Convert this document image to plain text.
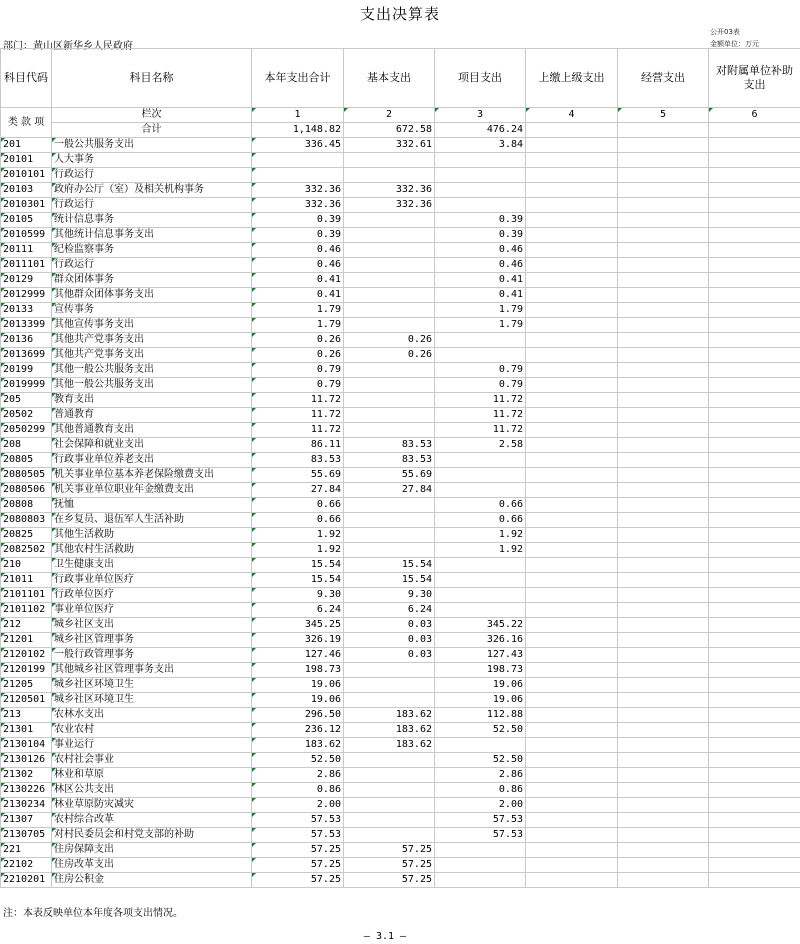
支出决算表
公开03表
金额单位：万元
部门：黄山区新华乡人民政府
科目代码	科目名称	本年支出合计	基本支出	项目支出	上缴上级支出	经营支出	对附属单位补助支出
类 款 项	栏次	1	2	3	4	5	6
	合计	1,148.82	672.58	476.24			
201	一般公共服务支出	336.45	332.61	3.84			
20101	人大事务						
2010101	行政运行						
20103	政府办公厅（室）及相关机构事务	332.36	332.36				
2010301	行政运行	332.36	332.36				
20105	统计信息事务	0.39		0.39			
2010599	其他统计信息事务支出	0.39		0.39			
20111	纪检监察事务	0.46		0.46			
2011101	行政运行	0.46		0.46			
20129	群众团体事务	0.41		0.41			
2012999	其他群众团体事务支出	0.41		0.41			
20133	宣传事务	1.79		1.79			
2013399	其他宣传事务支出	1.79		1.79			
20136	其他共产党事务支出	0.26	0.26				
2013699	其他共产党事务支出	0.26	0.26				
20199	其他一般公共服务支出	0.79		0.79			
2019999	其他一般公共服务支出	0.79		0.79			
205	教育支出	11.72		11.72			
20502	普通教育	11.72		11.72			
2050299	其他普通教育支出	11.72		11.72			
208	社会保障和就业支出	86.11	83.53	2.58			
20805	行政事业单位养老支出	83.53	83.53				
2080505	机关事业单位基本养老保险缴费支出	55.69	55.69				
2080506	机关事业单位职业年金缴费支出	27.84	27.84				
20808	抚恤	0.66		0.66			
2080803	在乡复员、退伍军人生活补助	0.66		0.66			
20825	其他生活救助	1.92		1.92			
2082502	其他农村生活救助	1.92		1.92			
210	卫生健康支出	15.54	15.54				
21011	行政事业单位医疗	15.54	15.54				
2101101	行政单位医疗	9.30	9.30				
2101102	事业单位医疗	6.24	6.24				
212	城乡社区支出	345.25	0.03	345.22			
21201	城乡社区管理事务	326.19	0.03	326.16			
2120102	一般行政管理事务	127.46	0.03	127.43			
2120199	其他城乡社区管理事务支出	198.73		198.73			
21205	城乡社区环境卫生	19.06		19.06			
2120501	城乡社区环境卫生	19.06		19.06			
213	农林水支出	296.50	183.62	112.88			
21301	农业农村	236.12	183.62	52.50			
2130104	事业运行	183.62	183.62				
2130126	农村社会事业	52.50		52.50			
21302	林业和草原	2.86		2.86			
2130226	林区公共支出	0.86		0.86			
2130234	林业草原防灾减灾	2.00		2.00			
21307	农村综合改革	57.53		57.53			
2130705	对村民委员会和村党支部的补助	57.53		57.53			
221	住房保障支出	57.25	57.25				
22102	住房改革支出	57.25	57.25				
2210201	住房公积金	57.25	57.25				
注：本表反映单位本年度各项支出情况。
— 3.1 —
